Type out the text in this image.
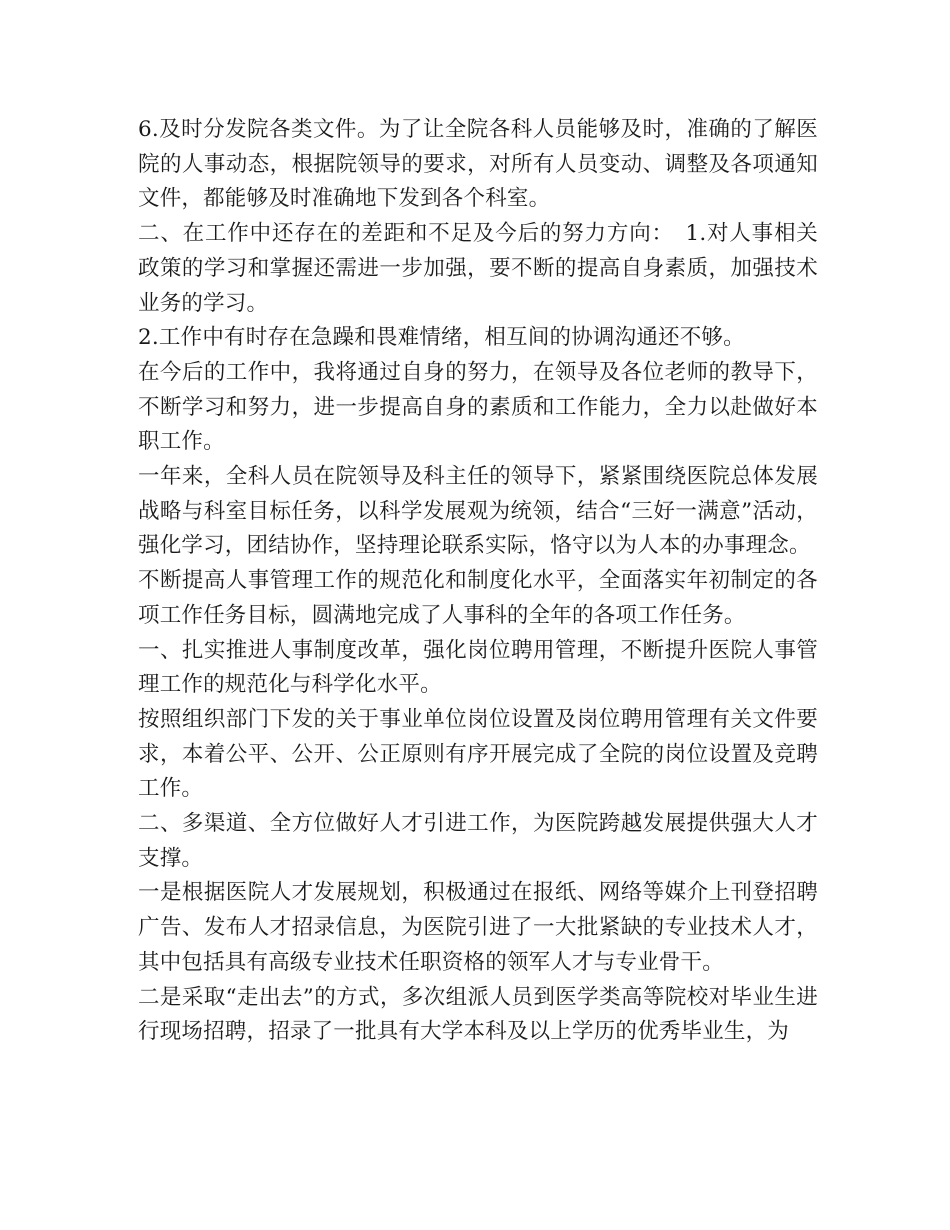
6.及时分发院各类文件。为了让全院各科人员能够及时，准确的了解医院的人事动态，根据院领导的要求，对所有人员变动、调整及各项通知文件，都能够及时准确地下发到各个科室。

二、在工作中还存在的差距和不足及今后的努力方向：　1.对人事相关政策的学习和掌握还需进一步加强，要不断的提高自身素质，加强技术业务的学习。

2.工作中有时存在急躁和畏难情绪，相互间的协调沟通还不够。

在今后的工作中，我将通过自身的努力，在领导及各位老师的教导下，不断学习和努力，进一步提高自身的素质和工作能力，全力以赴做好本职工作。

一年来，全科人员在院领导及科主任的领导下，紧紧围绕医院总体发展战略与科室目标任务，以科学发展观为统领，结合“三好一满意”活动，强化学习，团结协作，坚持理论联系实际，恪守以为人本的办事理念。

不断提高人事管理工作的规范化和制度化水平，全面落实年初制定的各项工作任务目标，圆满地完成了人事科的全年的各项工作任务。

一、扎实推进人事制度改革，强化岗位聘用管理，不断提升医院人事管理工作的规范化与科学化水平。

按照组织部门下发的关于事业单位岗位设置及岗位聘用管理有关文件要求，本着公平、公开、公正原则有序开展完成了全院的岗位设置及竞聘工作。

二、多渠道、全方位做好人才引进工作，为医院跨越发展提供强大人才支撑。

一是根据医院人才发展规划，积极通过在报纸、网络等媒介上刊登招聘广告、发布人才招录信息，为医院引进了一大批紧缺的专业技术人才，其中包括具有高级专业技术任职资格的领军人才与专业骨干。

二是采取“走出去”的方式，多次组派人员到医学类高等院校对毕业生进行现场招聘，招录了一批具有大学本科及以上学历的优秀毕业生，为
